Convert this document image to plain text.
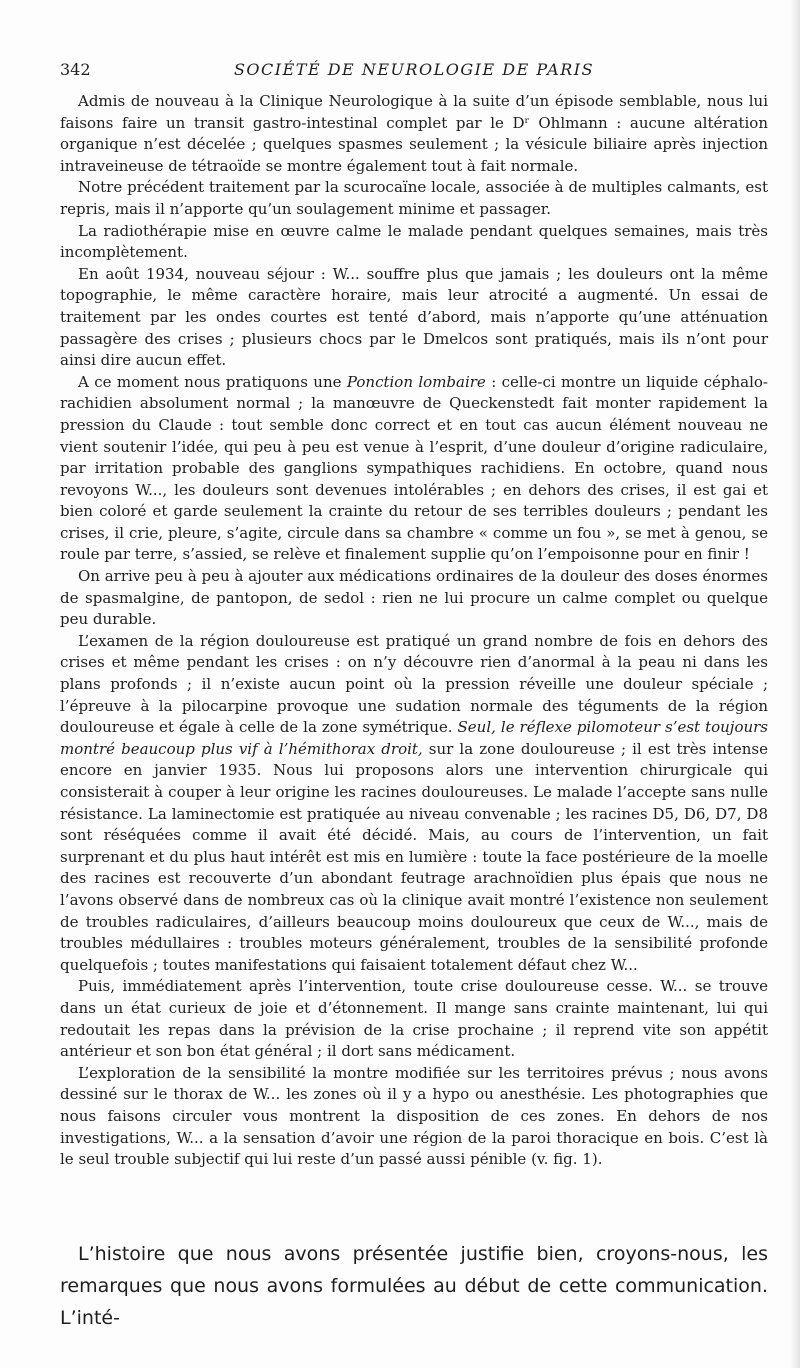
342	SOCIÉTÉ DE NEUROLOGIE DE PARIS

Admis de nouveau à la Clinique Neurologique à la suite d’un épisode semblable, nous lui faisons faire un transit gastro-intestinal complet par le Dʳ Ohlmann : aucune altération organique n’est décelée ; quelques spasmes seulement ; la vésicule biliaire après injection intraveineuse de tétraoïde se montre également tout à fait normale.

Notre précédent traitement par la scurocaïne locale, associée à de multiples calmants, est repris, mais il n’apporte qu’un soulagement minime et passager.

La radiothérapie mise en œuvre calme le malade pendant quelques semaines, mais très incomplètement.

En août 1934, nouveau séjour : W... souffre plus que jamais ; les douleurs ont la même topographie, le même caractère horaire, mais leur atrocité a augmenté. Un essai de traitement par les ondes courtes est tenté d’abord, mais n’apporte qu’une atténuation passagère des crises ; plusieurs chocs par le Dmelcos sont pratiqués, mais ils n’ont pour ainsi dire aucun effet.

A ce moment nous pratiquons une Ponction lombaire : celle-ci montre un liquide céphalo-rachidien absolument normal ; la manœuvre de Queckenstedt fait monter rapidement la pression du Claude : tout semble donc correct et en tout cas aucun élément nouveau ne vient soutenir l’idée, qui peu à peu est venue à l’esprit, d’une douleur d’origine radiculaire, par irritation probable des ganglions sympathiques rachidiens. En octobre, quand nous revoyons W..., les douleurs sont devenues intolérables ; en dehors des crises, il est gai et bien coloré et garde seulement la crainte du retour de ses terribles douleurs ; pendant les crises, il crie, pleure, s’agite, circule dans sa chambre « comme un fou », se met à genou, se roule par terre, s’assied, se relève et finalement supplie qu’on l’empoisonne pour en finir !

On arrive peu à peu à ajouter aux médications ordinaires de la douleur des doses énormes de spasmalgine, de pantopon, de sedol : rien ne lui procure un calme complet ou quelque peu durable.

L’examen de la région douloureuse est pratiqué un grand nombre de fois en dehors des crises et même pendant les crises : on n’y découvre rien d’anormal à la peau ni dans les plans profonds ; il n’existe aucun point où la pression réveille une douleur spéciale ; l’épreuve à la pilocarpine provoque une sudation normale des téguments de la région douloureuse et égale à celle de la zone symétrique. Seul, le réflexe pilomoteur s’est toujours montré beaucoup plus vif à l’hémithorax droit, sur la zone douloureuse ; il est très intense encore en janvier 1935. Nous lui proposons alors une intervention chirurgicale qui consisterait à couper à leur origine les racines douloureuses. Le malade l’accepte sans nulle résistance. La laminectomie est pratiquée au niveau convenable ; les racines D5, D6, D7, D8 sont réséquées comme il avait été décidé. Mais, au cours de l’intervention, un fait surprenant et du plus haut intérêt est mis en lumière : toute la face postérieure de la moelle des racines est recouverte d’un abondant feutrage arachnoïdien plus épais que nous ne l’avons observé dans de nombreux cas où la clinique avait montré l’existence non seulement de troubles radiculaires, d’ailleurs beaucoup moins douloureux que ceux de W..., mais de troubles médullaires : troubles moteurs généralement, troubles de la sensibilité profonde quelquefois ; toutes manifestations qui faisaient totalement défaut chez W...

Puis, immédiatement après l’intervention, toute crise douloureuse cesse. W... se trouve dans un état curieux de joie et d’étonnement. Il mange sans crainte maintenant, lui qui redoutait les repas dans la prévision de la crise prochaine ; il reprend vite son appétit antérieur et son bon état général ; il dort sans médicament.

L’exploration de la sensibilité la montre modifiée sur les territoires prévus ; nous avons dessiné sur le thorax de W... les zones où il y a hypo ou anesthésie. Les photographies que nous faisons circuler vous montrent la disposition de ces zones. En dehors de nos investigations, W... a la sensation d’avoir une région de la paroi thoracique en bois. C’est là le seul trouble subjectif qui lui reste d’un passé aussi pénible (v. fig. 1).

L’histoire que nous avons présentée justifie bien, croyons-nous, les remarques que nous avons formulées au début de cette communication. L’inté-
